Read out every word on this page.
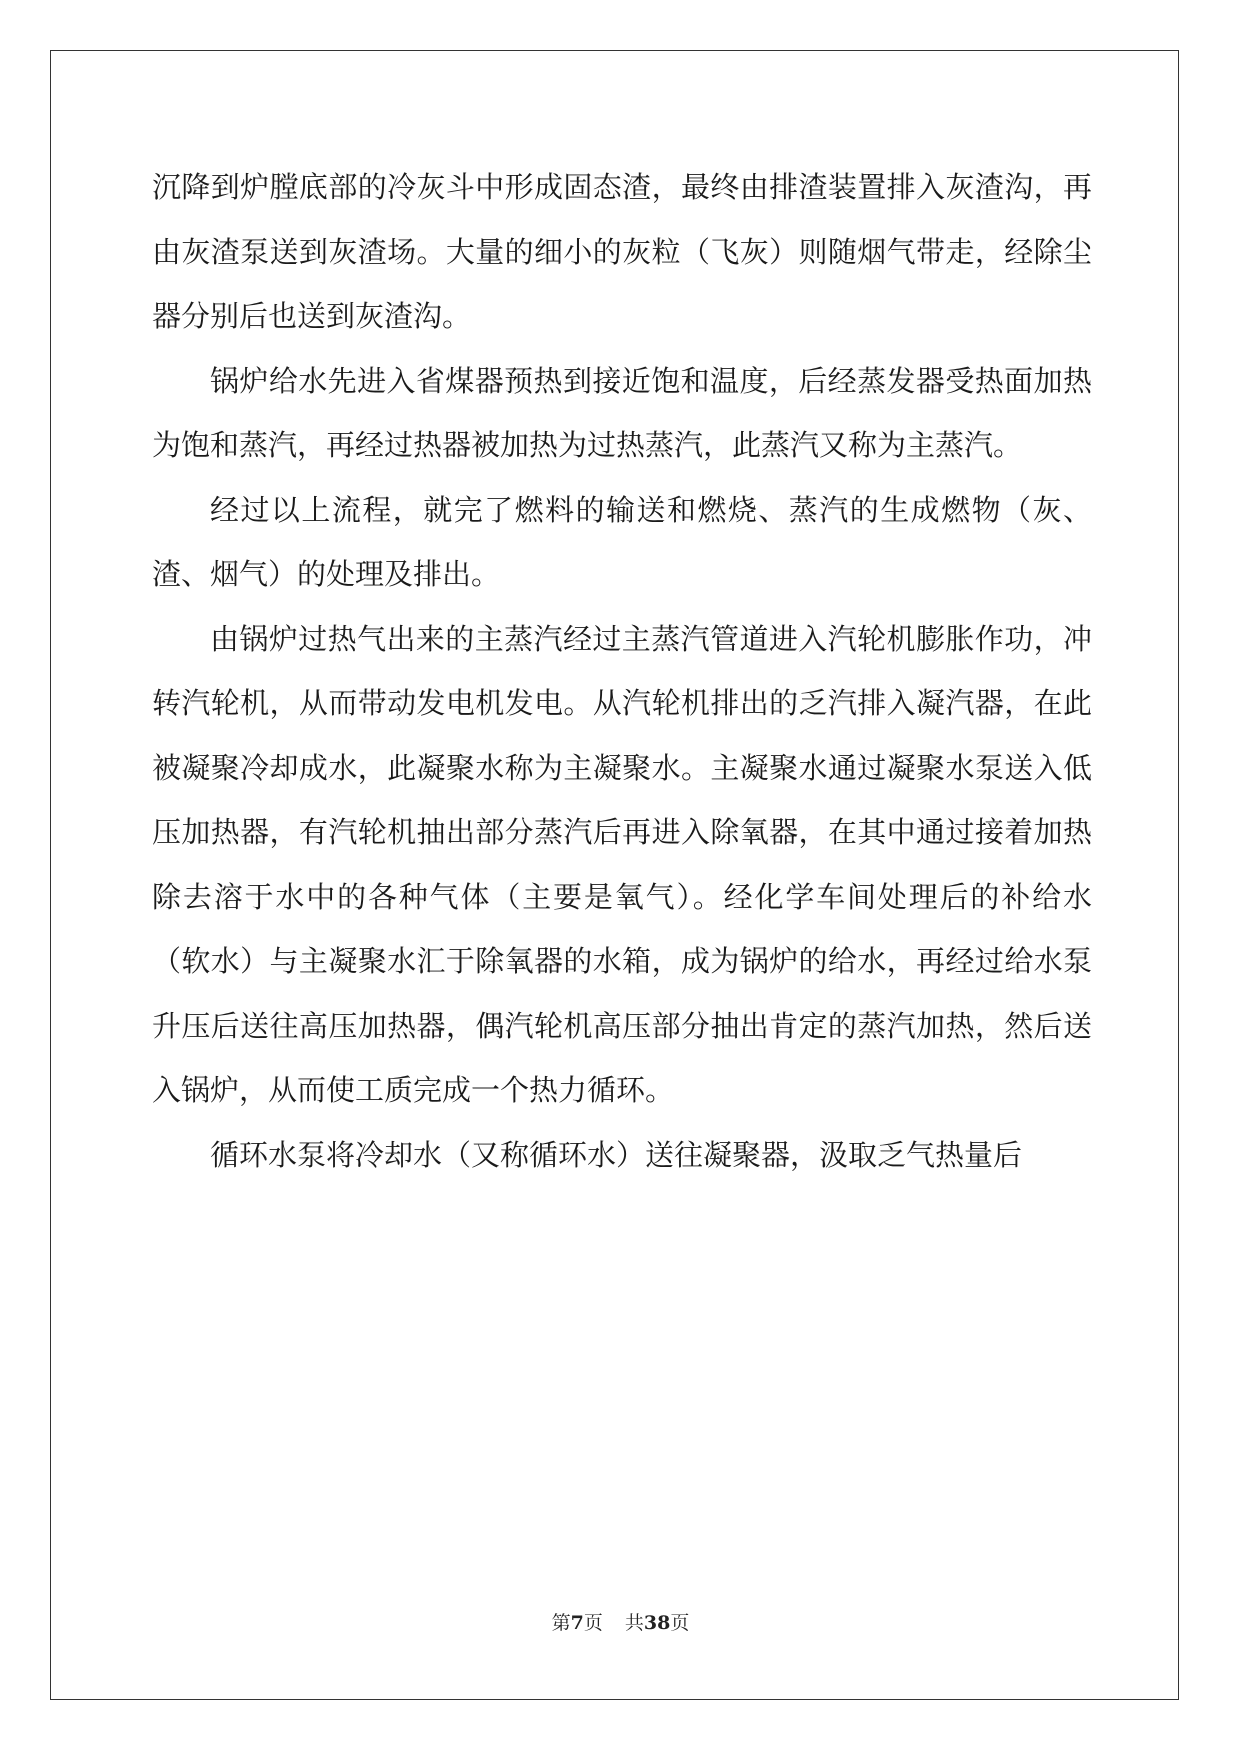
沉降到炉膛底部的冷灰斗中形成固态渣，最终由排渣装置排入灰渣沟，再由灰渣泵送到灰渣场。大量的细小的灰粒（飞灰）则随烟气带走，经除尘器分别后也送到灰渣沟。

锅炉给水先进入省煤器预热到接近饱和温度，后经蒸发器受热面加热为饱和蒸汽，再经过热器被加热为过热蒸汽，此蒸汽又称为主蒸汽。

经过以上流程，就完了燃料的输送和燃烧、蒸汽的生成燃物（灰、渣、烟气）的处理及排出。

由锅炉过热气出来的主蒸汽经过主蒸汽管道进入汽轮机膨胀作功，冲转汽轮机，从而带动发电机发电。从汽轮机排出的乏汽排入凝汽器，在此被凝聚冷却成水，此凝聚水称为主凝聚水。主凝聚水通过凝聚水泵送入低压加热器，有汽轮机抽出部分蒸汽后再进入除氧器，在其中通过接着加热除去溶于水中的各种气体（主要是氧气）。经化学车间处理后的补给水（软水）与主凝聚水汇于除氧器的水箱，成为锅炉的给水，再经过给水泵升压后送往高压加热器，偶汽轮机高压部分抽出肯定的蒸汽加热，然后送入锅炉，从而使工质完成一个热力循环。

循环水泵将冷却水（又称循环水）送往凝聚器，汲取乏气热量后

第7页 共38页
